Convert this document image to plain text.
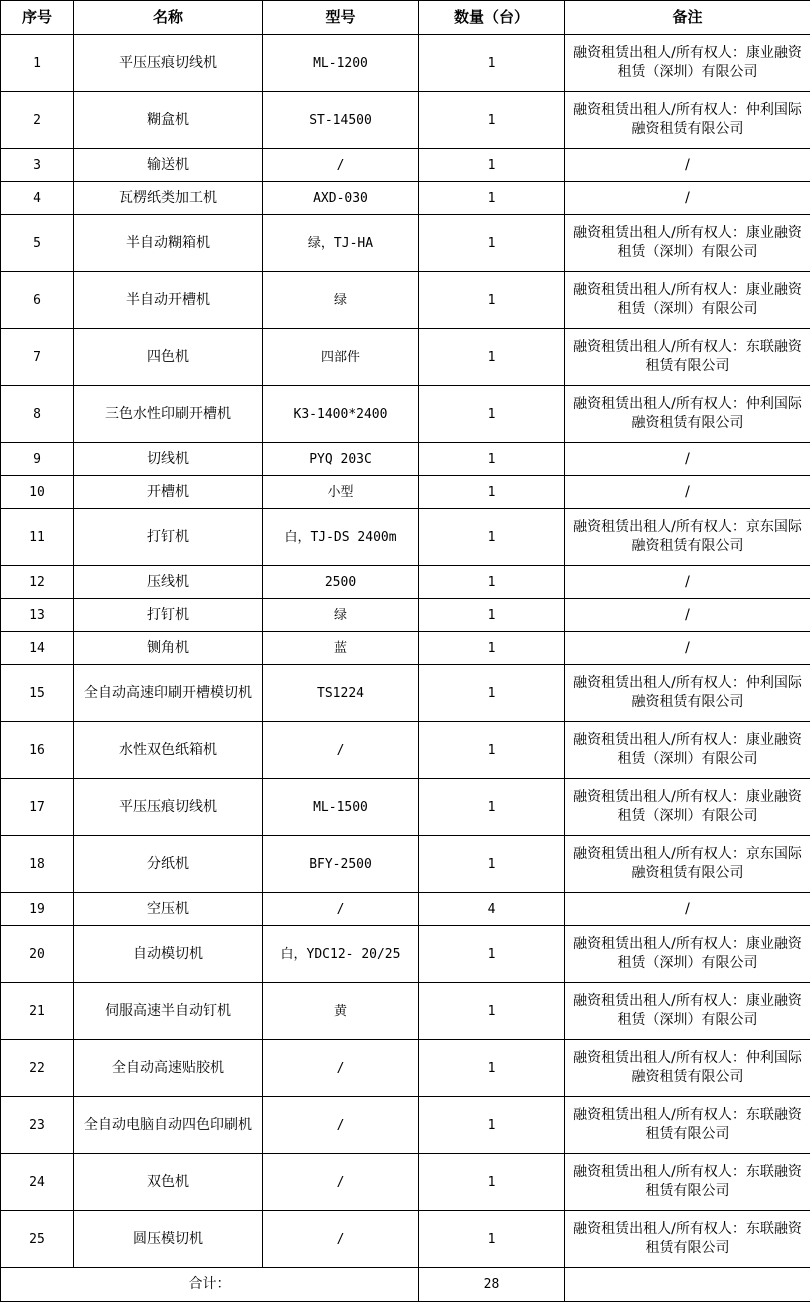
序号	名称	型号	数量（台）	备注
1	平压压痕切线机	ML-1200	1	融资租赁出租人/所有权人：康业融资租赁（深圳）有限公司
2	糊盒机	ST-14500	1	融资租赁出租人/所有权人：仲利国际融资租赁有限公司
3	输送机	/	1	/
4	瓦楞纸类加工机	AXD-030	1	/
5	半自动糊箱机	绿，TJ-HA	1	融资租赁出租人/所有权人：康业融资租赁（深圳）有限公司
6	半自动开槽机	绿	1	融资租赁出租人/所有权人：康业融资租赁（深圳）有限公司
7	四色机	四部件	1	融资租赁出租人/所有权人：东联融资租赁有限公司
8	三色水性印刷开槽机	K3-1400*2400	1	融资租赁出租人/所有权人：仲利国际融资租赁有限公司
9	切线机	PYQ 203C	1	/
10	开槽机	小型	1	/
11	打钉机	白，TJ-DS 2400m	1	融资租赁出租人/所有权人：京东国际融资租赁有限公司
12	压线机	2500	1	/
13	打钉机	绿	1	/
14	铡角机	蓝	1	/
15	全自动高速印刷开槽模切机	TS1224	1	融资租赁出租人/所有权人：仲利国际融资租赁有限公司
16	水性双色纸箱机	/	1	融资租赁出租人/所有权人：康业融资租赁（深圳）有限公司
17	平压压痕切线机	ML-1500	1	融资租赁出租人/所有权人：康业融资租赁（深圳）有限公司
18	分纸机	BFY-2500	1	融资租赁出租人/所有权人：京东国际融资租赁有限公司
19	空压机	/	4	/
20	自动模切机	白，YDC12- 20/25	1	融资租赁出租人/所有权人：康业融资租赁（深圳）有限公司
21	伺服高速半自动钉机	黄	1	融资租赁出租人/所有权人：康业融资租赁（深圳）有限公司
22	全自动高速贴胶机	/	1	融资租赁出租人/所有权人：仲利国际融资租赁有限公司
23	全自动电脑自动四色印刷机	/	1	融资租赁出租人/所有权人：东联融资租赁有限公司
24	双色机	/	1	融资租赁出租人/所有权人：东联融资租赁有限公司
25	圆压模切机	/	1	融资租赁出租人/所有权人：东联融资租赁有限公司
合计：			28	
